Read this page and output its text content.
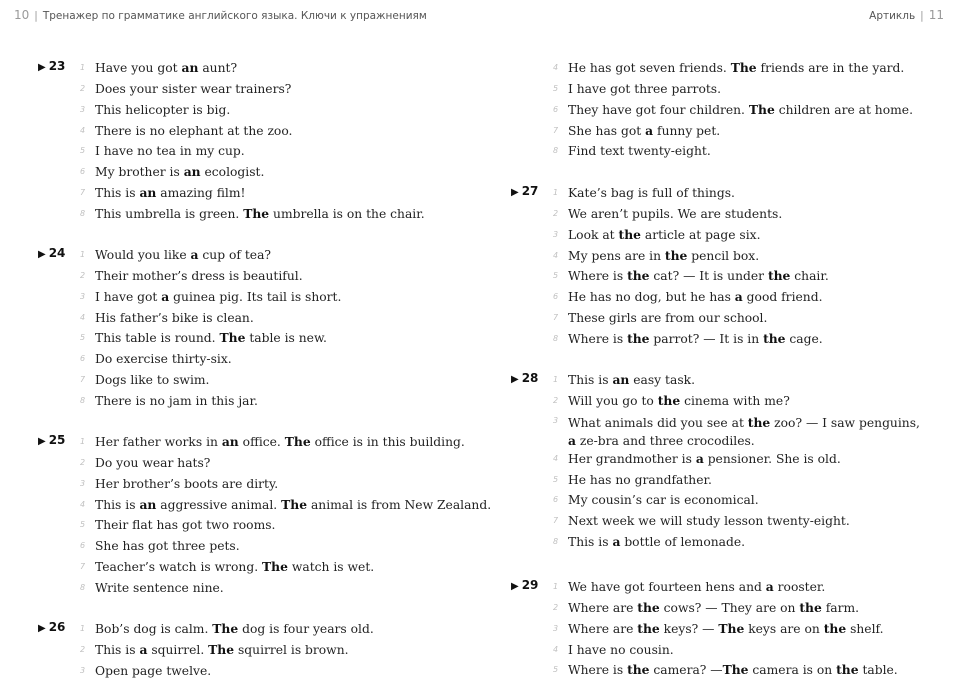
10 | Тренажер по грамматике английского языка. Ключи к упражнениям	Артикль | 11
▶ 23 1 Have you got an aunt?
2 Does your sister wear trainers?
3 This helicopter is big.
4 There is no elephant at the zoo.
5 I have no tea in my cup.
6 My brother is an ecologist.
7 This is an amazing film!
8 This umbrella is green. The umbrella is on the chair.
▶ 24 1 Would you like a cup of tea?
2 Their mother’s dress is beautiful.
3 I have got a guinea pig. Its tail is short.
4 His father’s bike is clean.
5 This table is round. The table is new.
6 Do exercise thirty-six.
7 Dogs like to swim.
8 There is no jam in this jar.
▶ 25 1 Her father works in an office. The office is in this building.
2 Do you wear hats?
3 Her brother’s boots are dirty.
4 This is an aggressive animal. The animal is from New Zealand.
5 Their flat has got two rooms.
6 She has got three pets.
7 Teacher’s watch is wrong. The watch is wet.
8 Write sentence nine.
▶ 26 1 Bob’s dog is calm. The dog is four years old.
2 This is a squirrel. The squirrel is brown.
3 Open page twelve.
4 He has got seven friends. The friends are in the yard.
5 I have got three parrots.
6 They have got four children. The children are at home.
7 She has got a funny pet.
8 Find text twenty-eight.
▶ 27 1 Kate’s bag is full of things.
2 We aren’t pupils. We are students.
3 Look at the article at page six.
4 My pens are in the pencil box.
5 Where is the cat? — It is under the chair.
6 He has no dog, but he has a good friend.
7 These girls are from our school.
8 Where is the parrot? — It is in the cage.
▶ 28 1 This is an easy task.
2 Will you go to the cinema with me?
3 What animals did you see at the zoo? — I saw penguins, a ze-bra and three crocodiles.
4 Her grandmother is a pensioner. She is old.
5 He has no grandfather.
6 My cousin’s car is economical.
7 Next week we will study lesson twenty-eight.
8 This is a bottle of lemonade.
▶ 29 1 We have got fourteen hens and a rooster.
2 Where are the cows? — They are on the farm.
3 Where are the keys? — The keys are on the shelf.
4 I have no cousin.
5 Where is the camera? —The camera is on the table.
